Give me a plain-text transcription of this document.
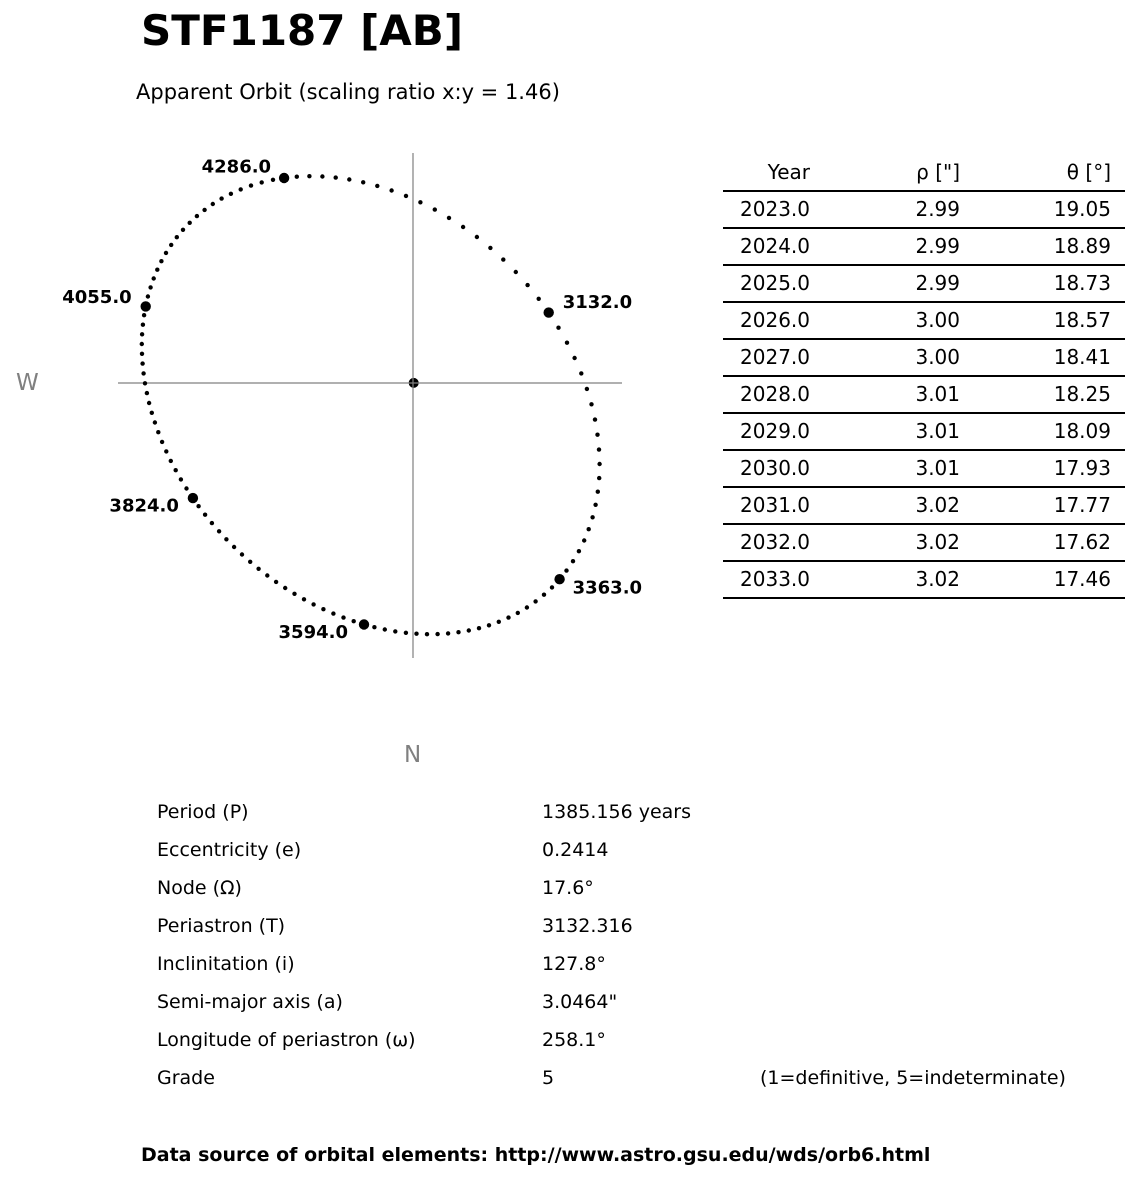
STF1187 [AB]
Apparent Orbit (scaling ratio x:y = 1.46)
3132.0
3363.0
3594.0
3824.0
4055.0
4286.0
W
N
Year	ρ ["]	θ [°]
2023.0	2.99	19.05
2024.0	2.99	18.89
2025.0	2.99	18.73
2026.0	3.00	18.57
2027.0	3.00	18.41
2028.0	3.01	18.25
2029.0	3.01	18.09
2030.0	3.01	17.93
2031.0	3.02	17.77
2032.0	3.02	17.62
2033.0	3.02	17.46
Period (P)	1385.156 years
Eccentricity (e)	0.2414
Node (Ω)	17.6°
Periastron (T)	3132.316
Inclinitation (i)	127.8°
Semi-major axis (a)	3.0464"
Longitude of periastron (ω)	258.1°
Grade	5	(1=definitive, 5=indeterminate)
Data source of orbital elements: http://www.astro.gsu.edu/wds/orb6.html
